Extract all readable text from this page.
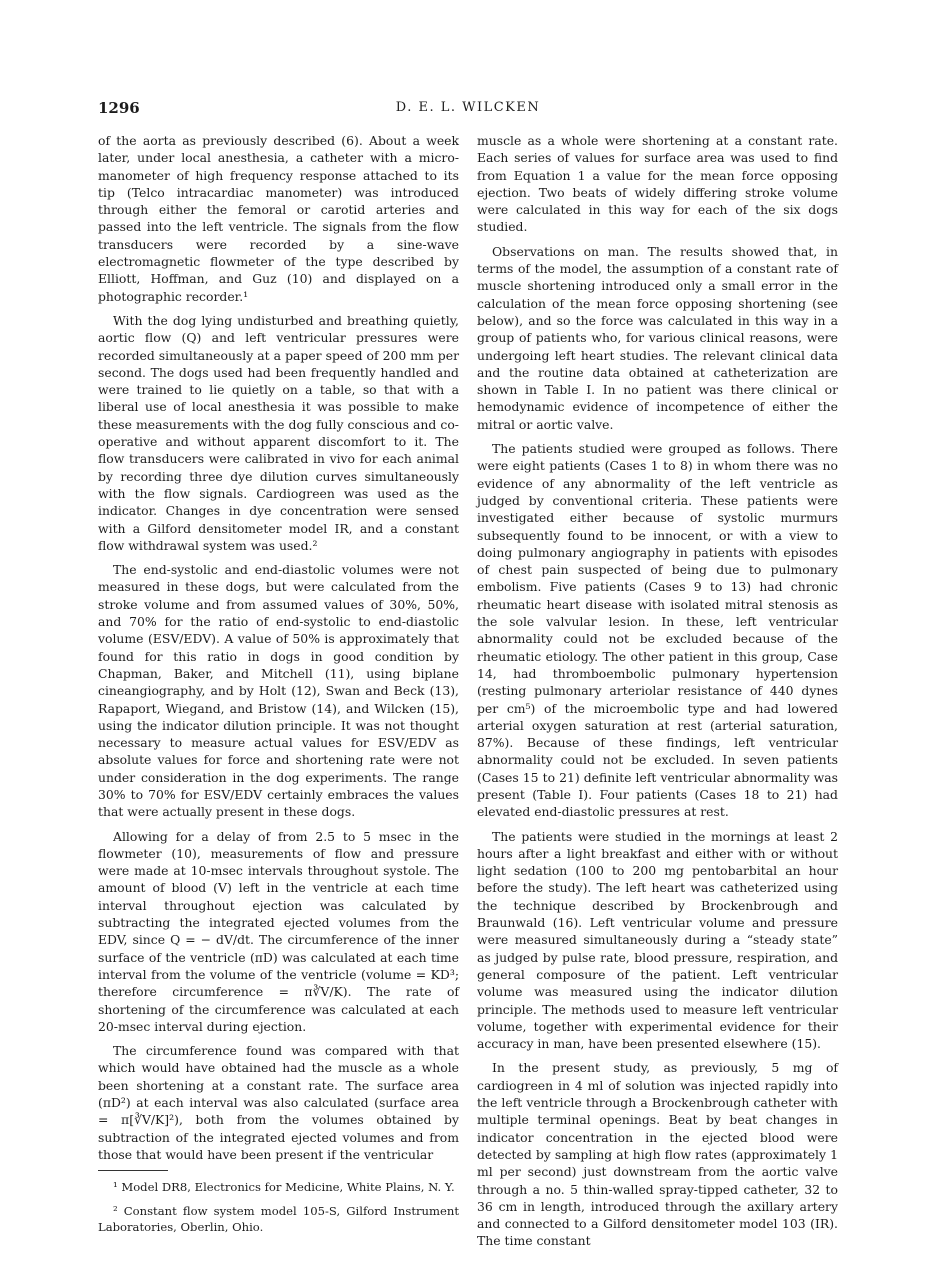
1296	D. E. L. WILCKEN

of the aorta as previously described (6). About a week later, under local anesthesia, a catheter with a micro-manometer of high frequency response attached to its tip (Telco intracardiac manometer) was introduced through either the femoral or carotid arteries and passed into the left ventricle. The signals from the flow transducers were recorded by a sine-wave electromagnetic flowmeter of the type described by Elliott, Hoffman, and Guz (10) and displayed on a photographic recorder.¹

With the dog lying undisturbed and breathing quietly, aortic flow (Q) and left ventricular pressures were recorded simultaneously at a paper speed of 200 mm per second. The dogs used had been frequently handled and were trained to lie quietly on a table, so that with a liberal use of local anesthesia it was possible to make these measurements with the dog fully conscious and co-operative and without apparent discomfort to it. The flow transducers were calibrated in vivo for each animal by recording three dye dilution curves simultaneously with the flow signals. Cardiogreen was used as the indicator. Changes in dye concentration were sensed with a Gilford densitometer model IR, and a constant flow withdrawal system was used.²

The end-systolic and end-diastolic volumes were not measured in these dogs, but were calculated from the stroke volume and from assumed values of 30%, 50%, and 70% for the ratio of end-systolic to end-diastolic volume (ESV/EDV). A value of 50% is approximately that found for this ratio in dogs in good condition by Chapman, Baker, and Mitchell (11), using biplane cineangiography, and by Holt (12), Swan and Beck (13), Rapaport, Wiegand, and Bristow (14), and Wilcken (15), using the indicator dilution principle. It was not thought necessary to measure actual values for ESV/EDV as absolute values for force and shortening rate were not under consideration in the dog experiments. The range 30% to 70% for ESV/EDV certainly embraces the values that were actually present in these dogs.

Allowing for a delay of from 2.5 to 5 msec in the flowmeter (10), measurements of flow and pressure were made at 10-msec intervals throughout systole. The amount of blood (V) left in the ventricle at each time interval throughout ejection was calculated by subtracting the integrated ejected volumes from the EDV, since Q = − dV/dt. The circumference of the inner surface of the ventricle (πD) was calculated at each time interval from the volume of the ventricle (volume = KD³; therefore circumference = π∛V/K). The rate of shortening of the circumference was calculated at each 20-msec interval during ejection.

The circumference found was compared with that which would have obtained had the muscle as a whole been shortening at a constant rate. The surface area (πD²) at each interval was also calculated (surface area = π[∛V/K]²), both from the volumes obtained by subtraction of the integrated ejected volumes and from those that would have been present if the ventricular

¹ Model DR8, Electronics for Medicine, White Plains, N. Y.

² Constant flow system model 105-S, Gilford Instrument Laboratories, Oberlin, Ohio.

muscle as a whole were shortening at a constant rate. Each series of values for surface area was used to find from Equation 1 a value for the mean force opposing ejection. Two beats of widely differing stroke volume were calculated in this way for each of the six dogs studied.

Observations on man. The results showed that, in terms of the model, the assumption of a constant rate of muscle shortening introduced only a small error in the calculation of the mean force opposing shortening (see below), and so the force was calculated in this way in a group of patients who, for various clinical reasons, were undergoing left heart studies. The relevant clinical data and the routine data obtained at catheterization are shown in Table I. In no patient was there clinical or hemodynamic evidence of incompetence of either the mitral or aortic valve.

The patients studied were grouped as follows. There were eight patients (Cases 1 to 8) in whom there was no evidence of any abnormality of the left ventricle as judged by conventional criteria. These patients were investigated either because of systolic murmurs subsequently found to be innocent, or with a view to doing pulmonary angiography in patients with episodes of chest pain suspected of being due to pulmonary embolism. Five patients (Cases 9 to 13) had chronic rheumatic heart disease with isolated mitral stenosis as the sole valvular lesion. In these, left ventricular abnormality could not be excluded because of the rheumatic etiology. The other patient in this group, Case 14, had thromboembolic pulmonary hypertension (resting pulmonary arteriolar resistance of 440 dynes per cm⁵) of the microembolic type and had lowered arterial oxygen saturation at rest (arterial saturation, 87%). Because of these findings, left ventricular abnormality could not be excluded. In seven patients (Cases 15 to 21) definite left ventricular abnormality was present (Table I). Four patients (Cases 18 to 21) had elevated end-diastolic pressures at rest.

The patients were studied in the mornings at least 2 hours after a light breakfast and either with or without light sedation (100 to 200 mg pentobarbital an hour before the study). The left heart was catheterized using the technique described by Brockenbrough and Braunwald (16). Left ventricular volume and pressure were measured simultaneously during a “steady state” as judged by pulse rate, blood pressure, respiration, and general composure of the patient. Left ventricular volume was measured using the indicator dilution principle. The methods used to measure left ventricular volume, together with experimental evidence for their accuracy in man, have been presented elsewhere (15).

In the present study, as previously, 5 mg of cardiogreen in 4 ml of solution was injected rapidly into the left ventricle through a Brockenbrough catheter with multiple terminal openings. Beat by beat changes in indicator concentration in the ejected blood were detected by sampling at high flow rates (approximately 1 ml per second) just downstream from the aortic valve through a no. 5 thin-walled spray-tipped catheter, 32 to 36 cm in length, introduced through the axillary artery and connected to a Gilford densitometer model 103 (IR). The time constant
